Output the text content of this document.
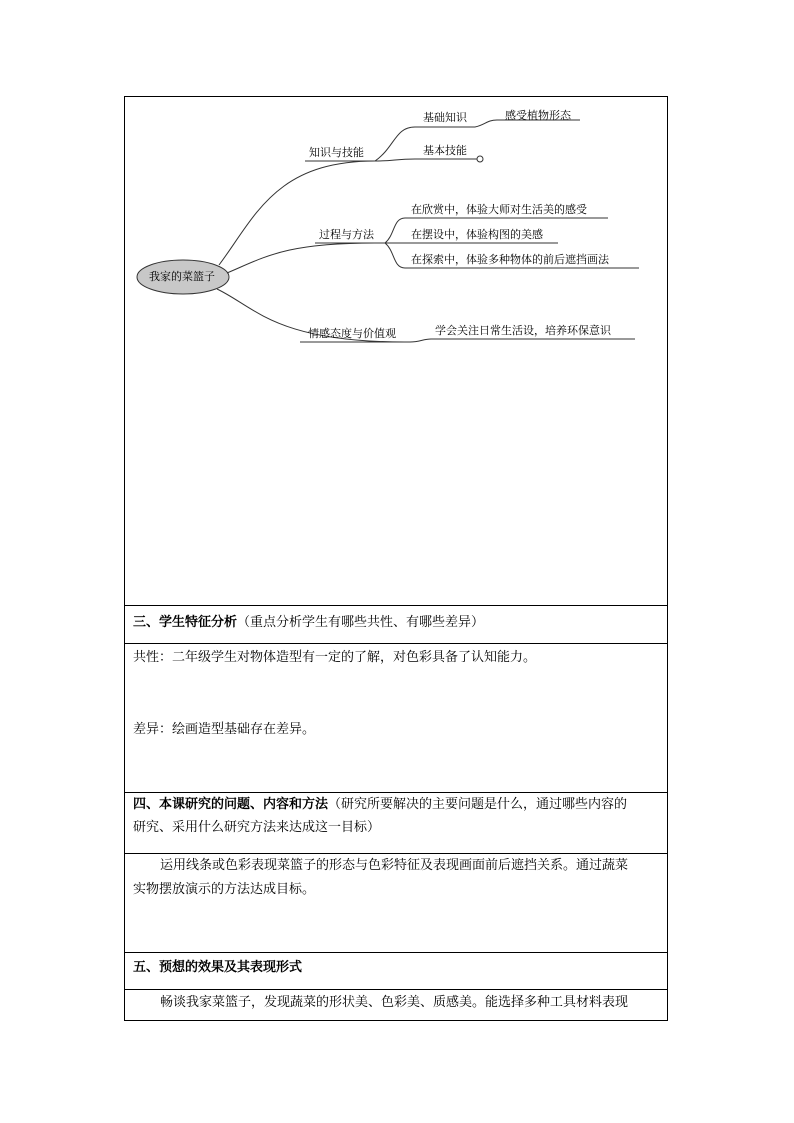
我家的菜篮子
知识与技能
基础知识	感受植物形态
基本技能
过程与方法
在欣赏中，体验大师对生活美的感受
在摆设中，体验构图的美感
在探索中，体验多种物体的前后遮挡画法
情感态度与价值观	学会关注日常生活设，培养环保意识
三、学生特征分析（重点分析学生有哪些共性、有哪些差异）
共性：二年级学生对物体造型有一定的了解，对色彩具备了认知能力。
差异：绘画造型基础存在差异。
四、本课研究的问题、内容和方法（研究所要解决的主要问题是什么，通过哪些内容的
研究、采用什么研究方法来达成这一目标）
运用线条或色彩表现菜篮子的形态与色彩特征及表现画面前后遮挡关系。通过蔬菜
实物摆放演示的方法达成目标。
五、预想的效果及其表现形式
畅谈我家菜篮子，发现蔬菜的形状美、色彩美、质感美。能选择多种工具材料表现
